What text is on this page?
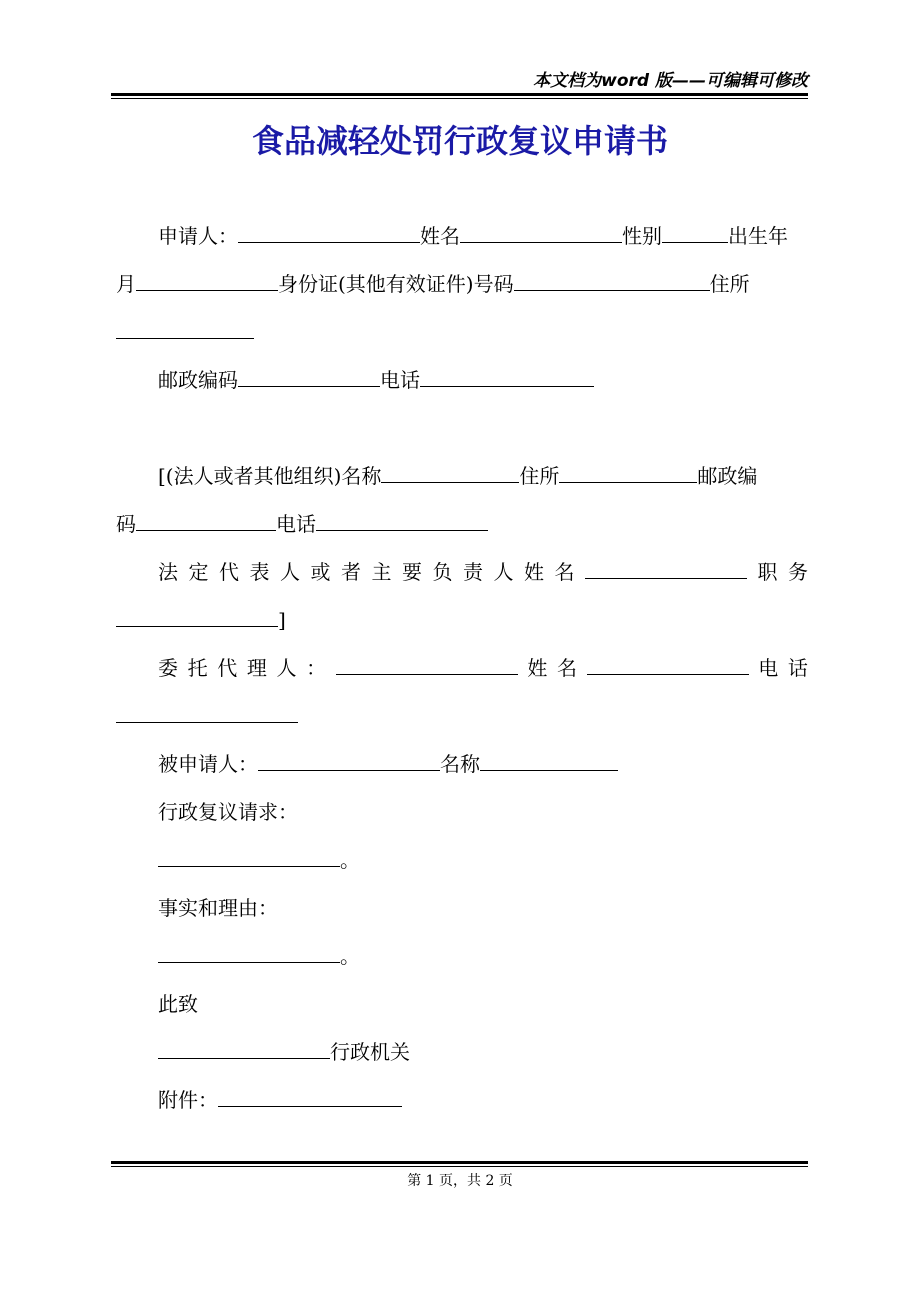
本文档为word 版——可编辑可修改
食品减轻处罚行政复议申请书
申请人：	姓名	性别	出生年
月	身份证(其他有效证件)号码	住所
邮政编码	电话
[(法人或者其他组织)名称	住所	邮政编
码	电话
法 定 代 表 人 或 者 主 要 负 责 人 姓 名	职 务
]
委 托 代 理 人 ：	姓 名	电 话
被申请人：	名称
行政复议请求：
。
事实和理由：
。
此致
行政机关
附件：
第 1 页，共 2 页
